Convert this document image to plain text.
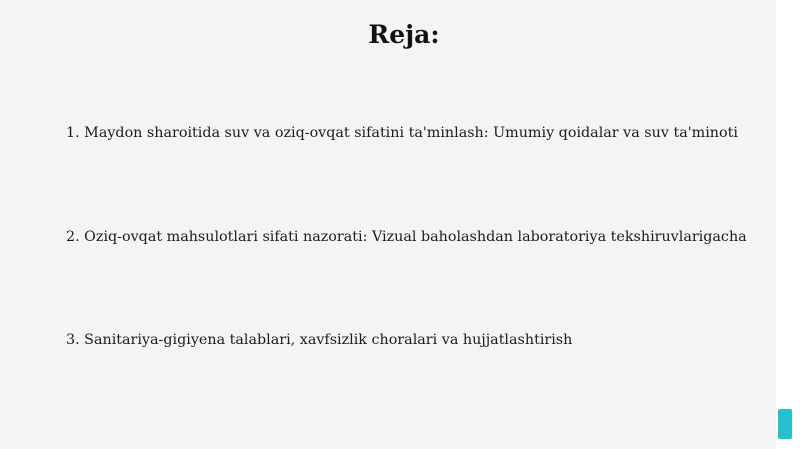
Reja:

1. Maydon sharoitida suv va oziq-ovqat sifatini ta'minlash: Umumiy qoidalar va suv ta'minoti

2. Oziq-ovqat mahsulotlari sifati nazorati: Vizual baholashdan laboratoriya tekshiruvlarigacha

3. Sanitariya-gigiyena talablari, xavfsizlik choralari va hujjatlashtirish
